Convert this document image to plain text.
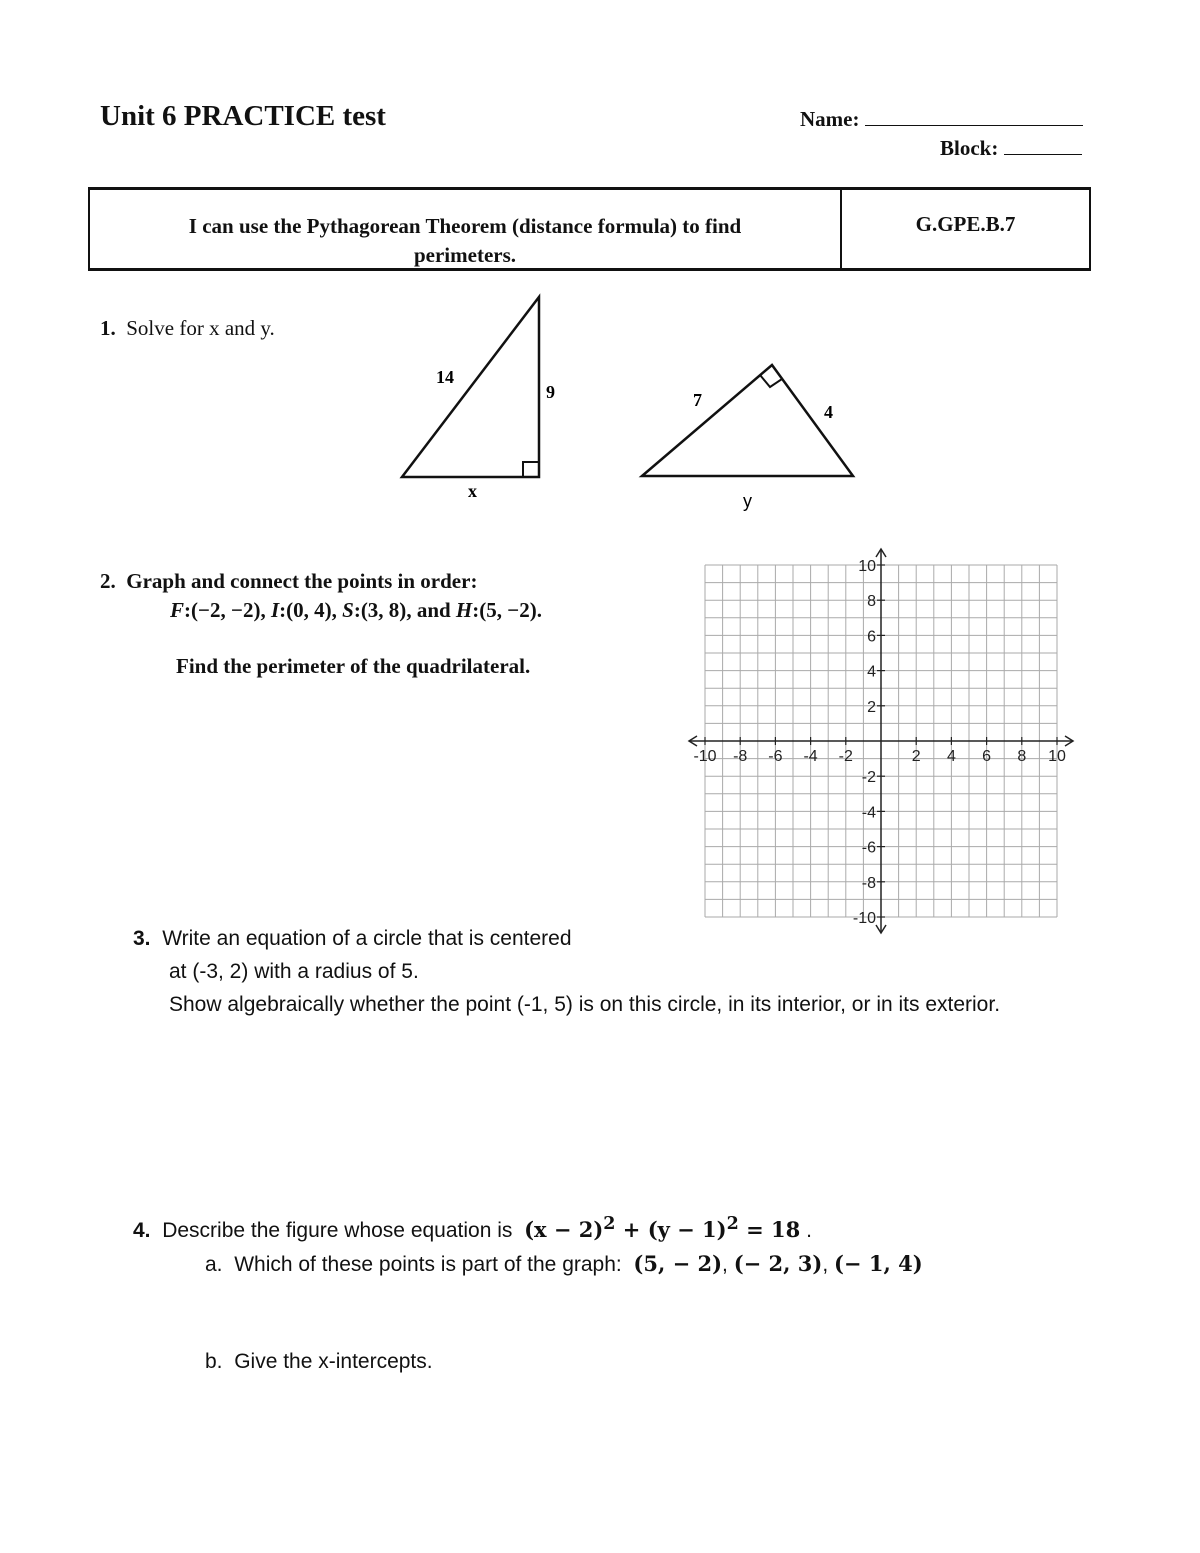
Unit 6 PRACTICE test	Name:
Block:
I can use the Pythagorean Theorem (distance formula) to find
perimeters.
G.GPE.B.7
1. Solve for x and y.
14
9
x
7
4
y
2. Graph and connect the points in order:
F:(−2, −2), I:(0, 4), S:(3, 8), and H:(5, −2).
Find the perimeter of the quadrilateral.
-10
-10
-8
-8
-6
-6
-4
-4
-2
-2
2
2
4
4
6
6
8
8
10
10
3. Write an equation of a circle that is centered
at (-3, 2) with a radius of 5.
Show algebraically whether the point (-1, 5) is on this circle, in its interior, or in its exterior.
4. Describe the figure whose equation is $(x - 2)^2 + (y - 1)^2 = 18$ .
a. Which of these points is part of the graph: (5, − 2), (− 2, 3), (− 1, 4)
b. Give the x-intercepts.
